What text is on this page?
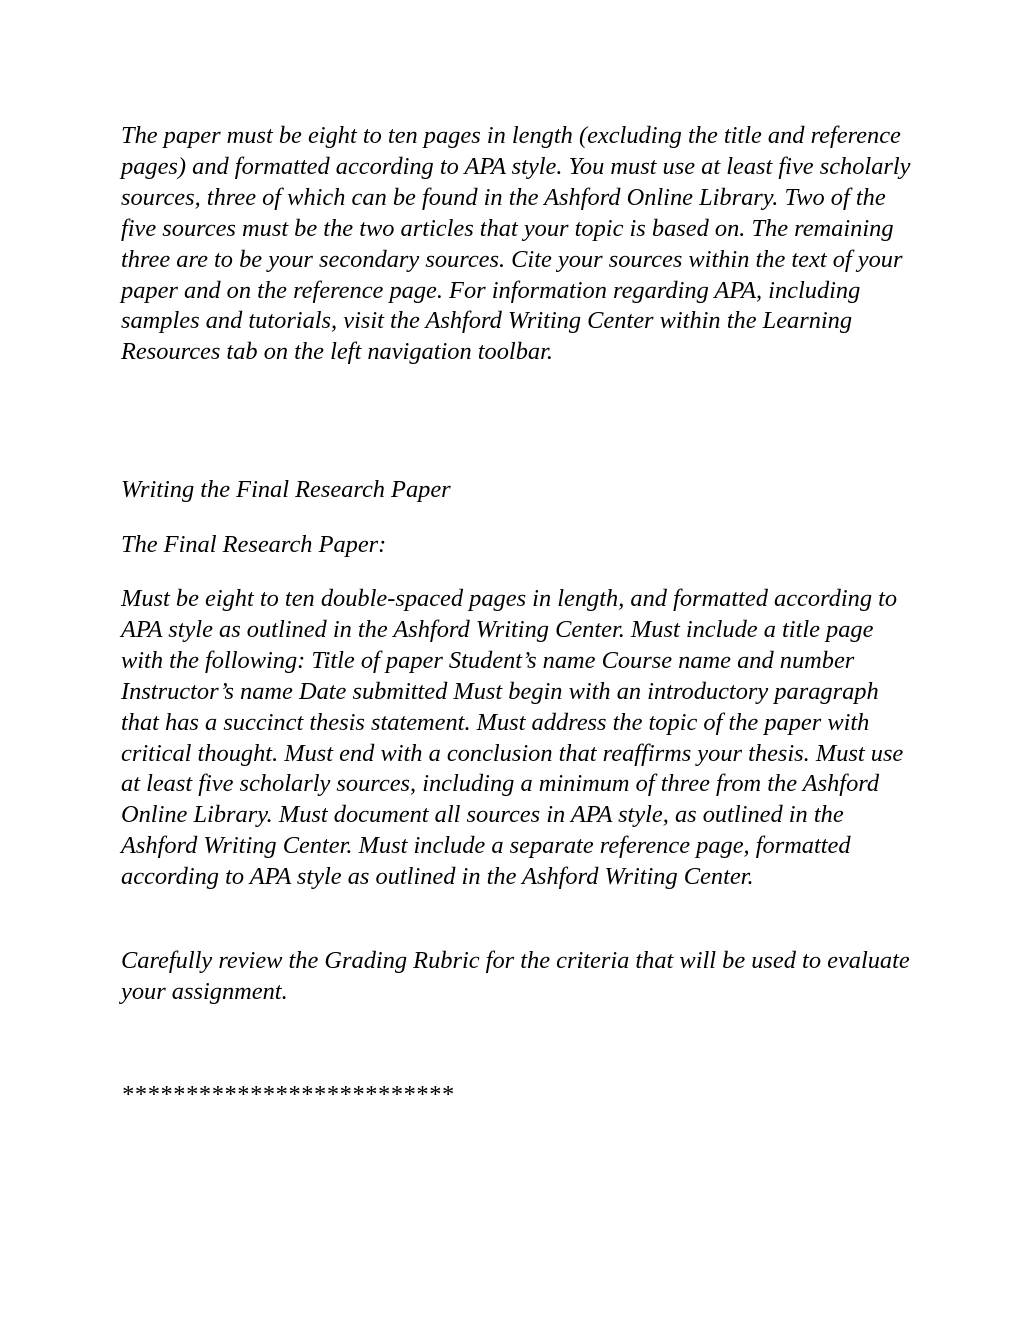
The paper must be eight to ten pages in length (excluding the title and reference pages) and formatted according to APA style. You must use at least five scholarly sources, three of which can be found in the Ashford Online Library. Two of the five sources must be the two articles that your topic is based on. The remaining three are to be your secondary sources. Cite your sources within the text of your paper and on the reference page. For information regarding APA, including samples and tutorials, visit the Ashford Writing Center within the Learning Resources tab on the left navigation toolbar.

Writing the Final Research Paper

The Final Research Paper:

Must be eight to ten double-spaced pages in length, and formatted according to APA style as outlined in the Ashford Writing Center. Must include a title page with the following: Title of paper Student’s name Course name and number Instructor’s name Date submitted Must begin with an introductory paragraph that has a succinct thesis statement. Must address the topic of the paper with critical thought. Must end with a conclusion that reaffirms your thesis. Must use at least five scholarly sources, including a minimum of three from the Ashford Online Library. Must document all sources in APA style, as outlined in the Ashford Writing Center. Must include a separate reference page, formatted according to APA style as outlined in the Ashford Writing Center.

Carefully review the Grading Rubric for the criteria that will be used to evaluate your assignment.

**************************
